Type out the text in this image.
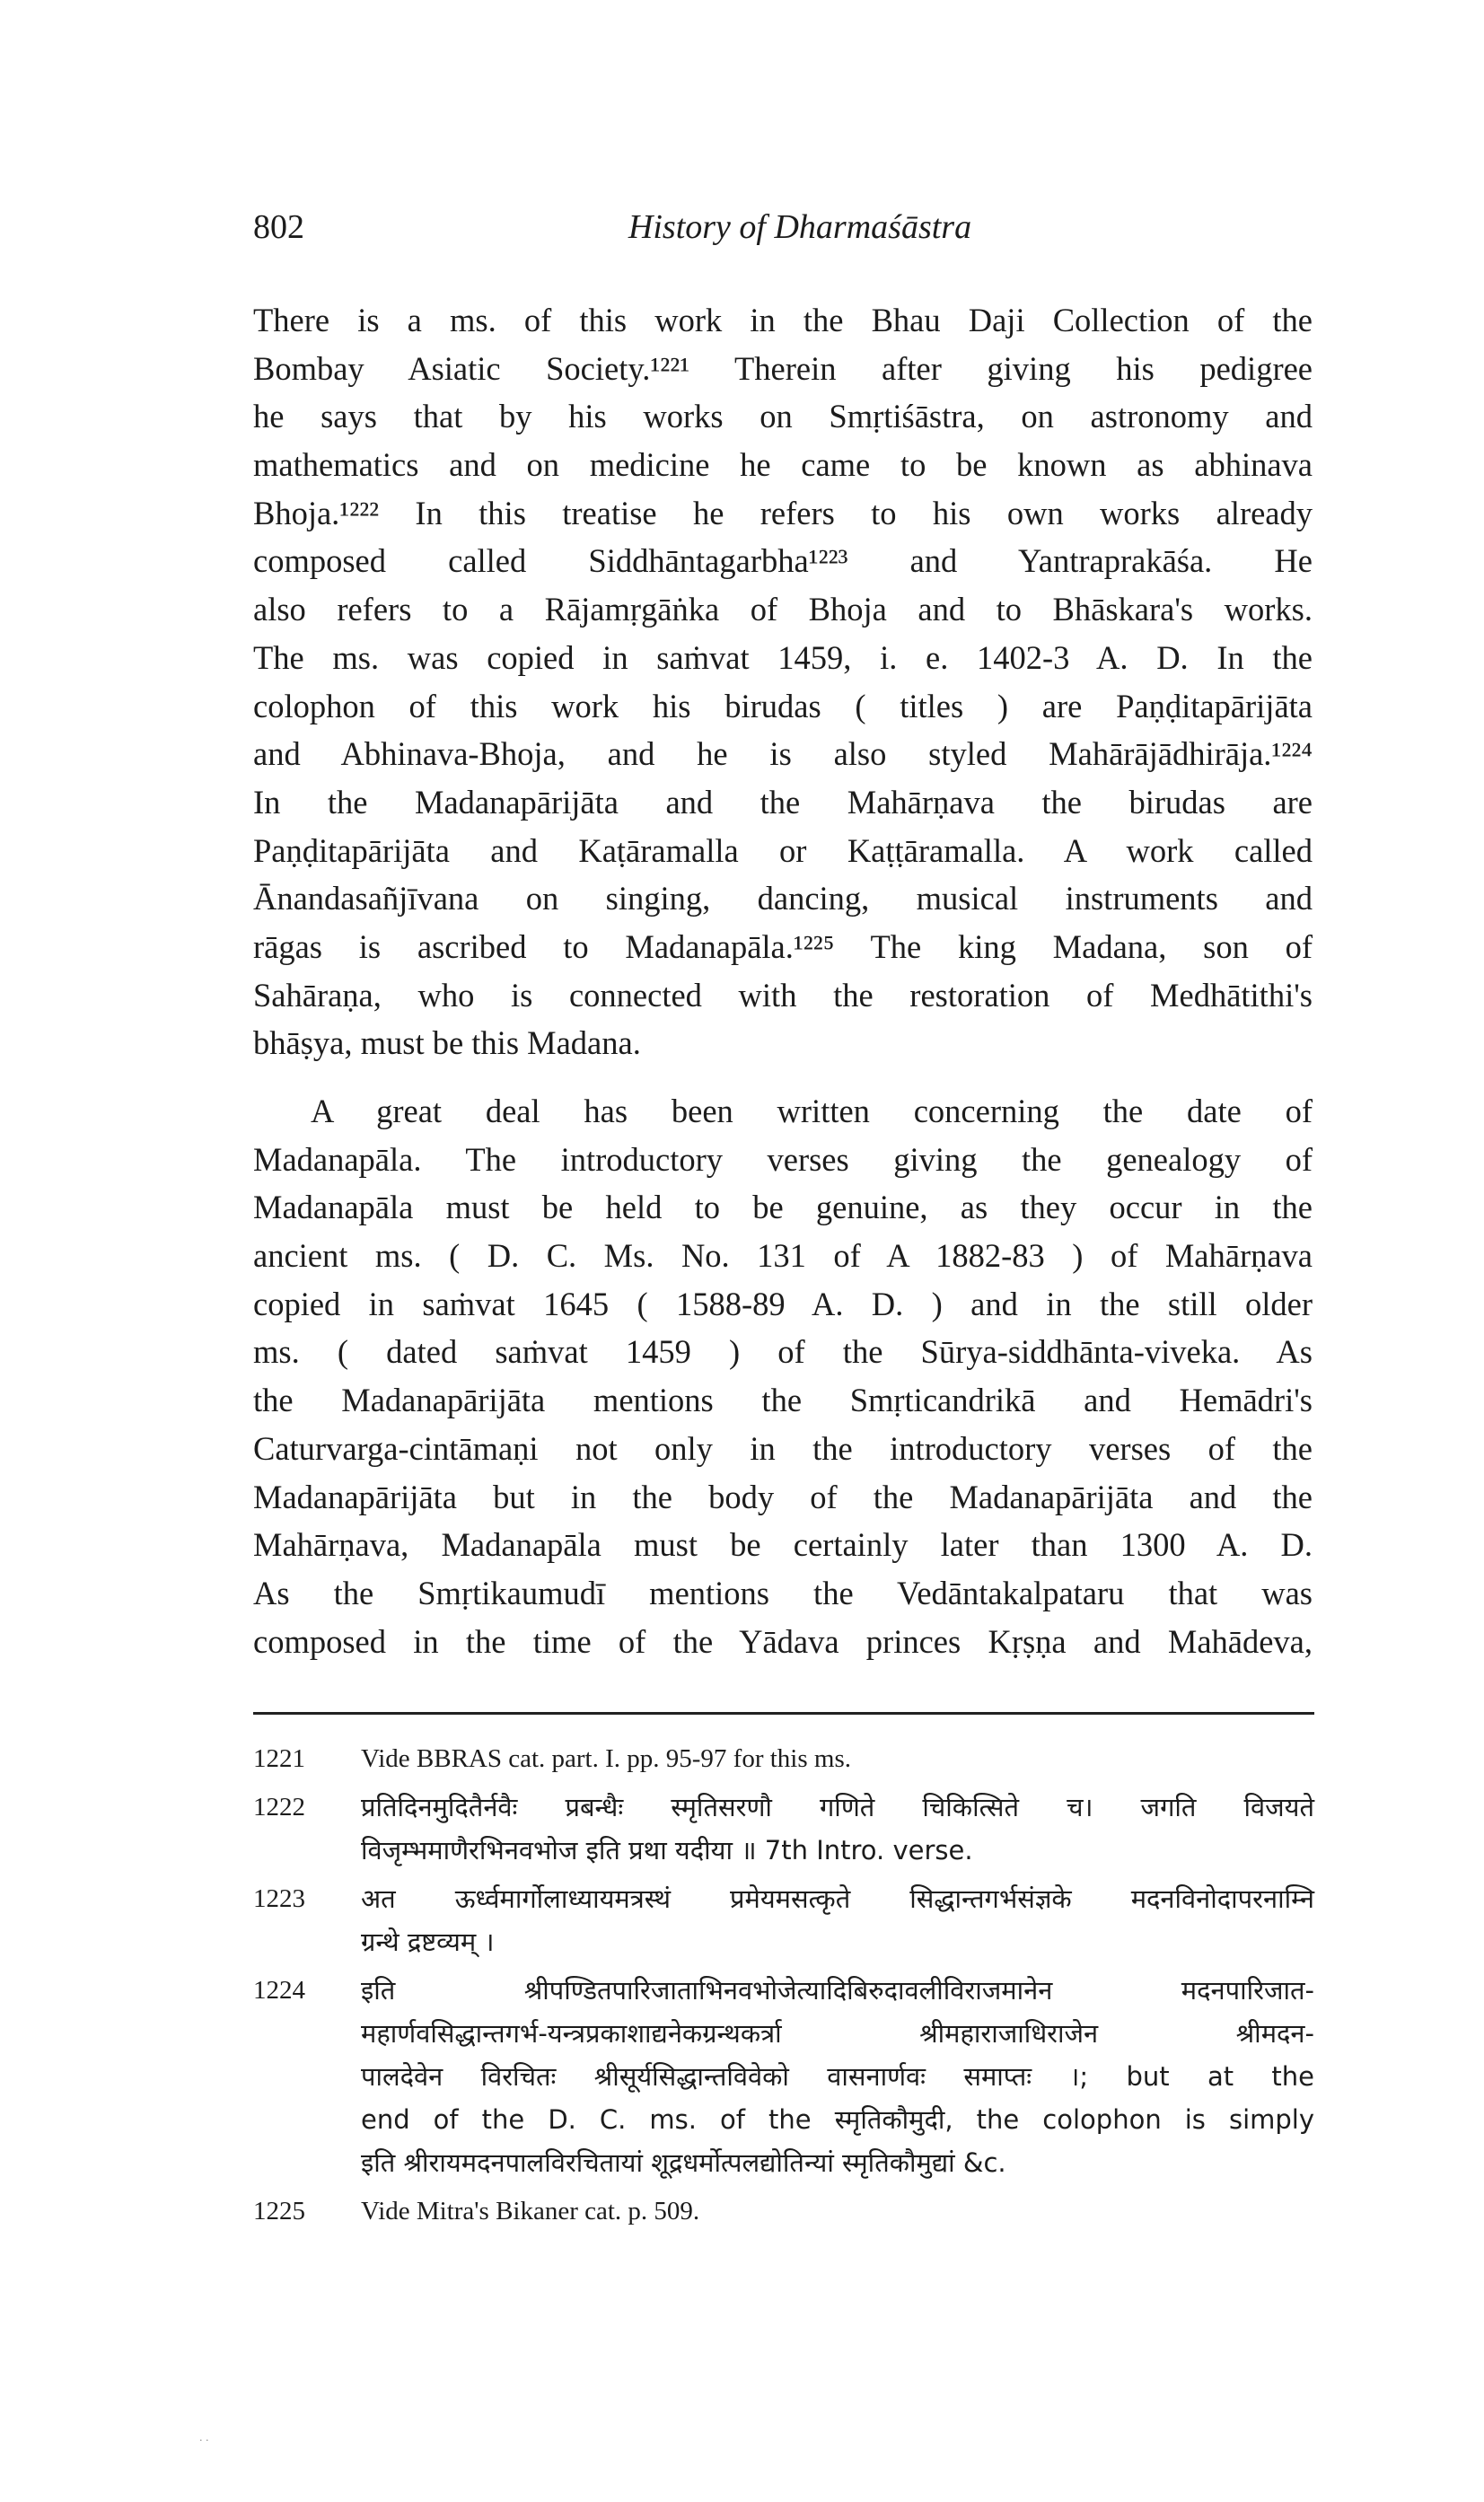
802	History of Dharmaśāstra
There is a ms. of this work in the Bhau Daji Collection of the
Bombay Asiatic Society.¹²²¹ Therein after giving his pedigree
he says that by his works on Smṛtiśāstra, on astronomy and
mathematics and on medicine he came to be known as abhinava
Bhoja.¹²²² In this treatise he refers to his own works already
composed called Siddhāntagarbha¹²²³ and Yantraprakāśa. He
also refers to a Rājamṛgāṅka of Bhoja and to Bhāskara's works.
The ms. was copied in saṁvat 1459, i. e. 1402-3 A. D. In the
colophon of this work his birudas ( titles ) are Paṇḍitapārijāta
and Abhinava-Bhoja, and he is also styled Mahārājādhirāja.¹²²⁴
In the Madanapārijāta and the Mahārṇava the birudas are
Paṇḍitapārijāta and Kaṭāramalla or Kaṭṭāramalla. A work called
Ānandasañjīvana on singing, dancing, musical instruments and
rāgas is ascribed to Madanapāla.¹²²⁵ The king Madana, son of
Sahāraṇa, who is connected with the restoration of Medhātithi's
bhāṣya, must be this Madana.
A great deal has been written concerning the date of
Madanapāla. The introductory verses giving the genealogy of
Madanapāla must be held to be genuine, as they occur in the
ancient ms. ( D. C. Ms. No. 131 of A 1882-83 ) of Mahārṇava
copied in saṁvat 1645 ( 1588-89 A. D. ) and in the still older
ms. ( dated saṁvat 1459 ) of the Sūrya-siddhānta-viveka. As
the Madanapārijāta mentions the Smṛticandrikā and Hemādri's
Caturvarga-cintāmaṇi not only in the introductory verses of the
Madanapārijāta but in the body of the Madanapārijāta and the
Mahārṇava, Madanapāla must be certainly later than 1300 A. D.
As the Smṛtikaumudī mentions the Vedāntakalpataru that was
composed in the time of the Yādava princes Kṛṣṇa and Mahādeva,
1221	Vide BBRAS cat. part. I. pp. 95-97 for this ms.
1222	प्रतिदिनमुदितैर्नवैः प्रबन्धैः स्मृतिसरणौ गणिते चिकित्सिते च। जगति विजयते
विजृम्भमाणैरभिनवभोज इति प्रथा यदीया ॥ 7th Intro. verse.
1223	अत ऊर्ध्वमार्गोलाध्यायमत्रस्थं प्रमेयमसत्कृते सिद्धान्तगर्भसंज्ञके मदनविनोदापरनाम्नि
ग्रन्थे द्रष्टव्यम् ।
1224	इति श्रीपण्डितपारिजाताभिनवभोजेत्यादिबिरुदावलीविराजमानेन मदनपारिजात-
महार्णवसिद्धान्तगर्भ-यन्त्रप्रकाशाद्यनेकग्रन्थकर्त्रा श्रीमहाराजाधिराजेन श्रीमदन-
पालदेवेन विरचितः श्रीसूर्यसिद्धान्तविवेको वासनार्णवः समाप्तः ।; but at the
end of the D. C. ms. of the स्मृतिकौमुदी, the colophon is simply
इति श्रीरायमदनपालविरचितायां शूद्रधर्मोत्पलद्योतिन्यां स्मृतिकौमुद्यां &c.
1225	Vide Mitra's Bikaner cat. p. 509.
. .
